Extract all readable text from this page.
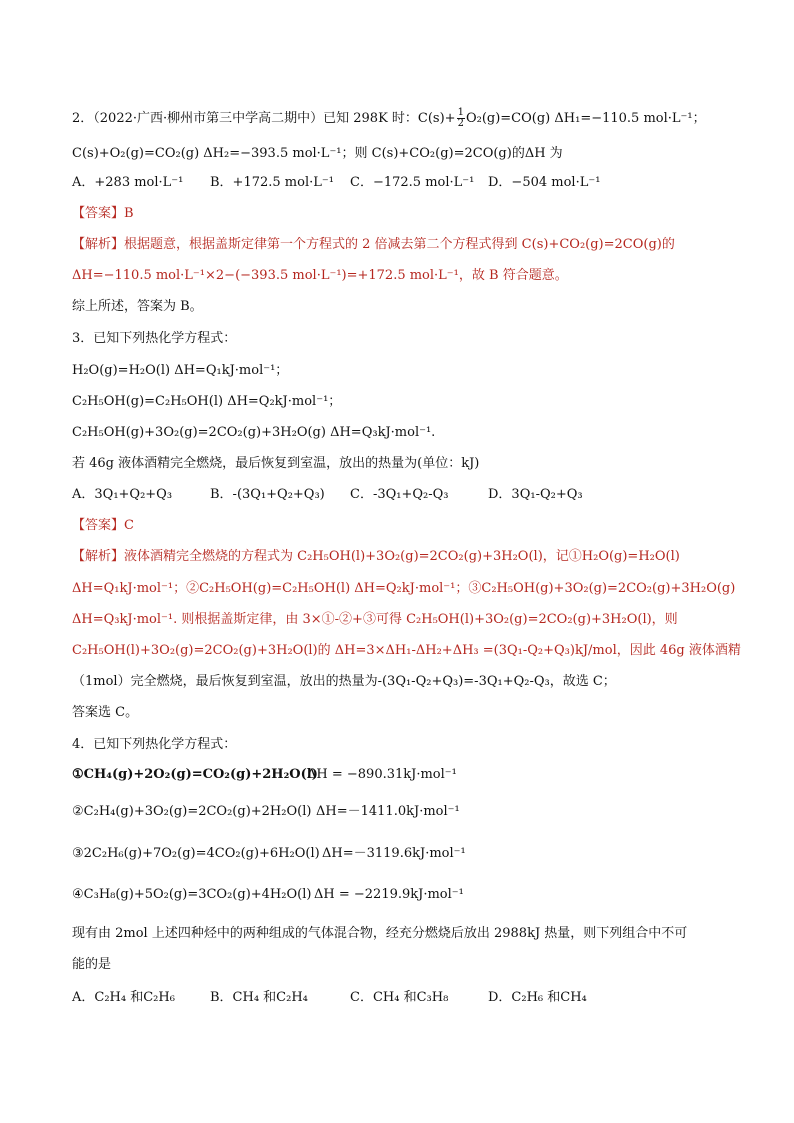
2．（2022·广西·柳州市第三中学高二期中）已知 298K 时：$C(s)+ \frac{1}{2} O_2(g)=CO(g)$ ΔH₁=−110.5 mol·L⁻¹；
C(s)+O₂(g)=CO₂(g) ΔH₂=−393.5 mol·L⁻¹；则 C(s)+CO₂(g)=2CO(g)的ΔH 为
A．+283 mol·L⁻¹ B．+172.5 mol·L⁻¹ C．−172.5 mol·L⁻¹ D．−504 mol·L⁻¹
【答案】B
【解析】根据题意，根据盖斯定律第一个方程式的 2 倍减去第二个方程式得到 C(s)+CO₂(g)=2CO(g)的
ΔH=−110.5 mol·L⁻¹×2−(−393.5 mol·L⁻¹)=+172.5 mol·L⁻¹，故 B 符合题意。
综上所述，答案为 B。
3．已知下列热化学方程式：
H₂O(g)=H₂O(l) ΔH=Q₁kJ·mol⁻¹；
C₂H₅OH(g)=C₂H₅OH(l) ΔH=Q₂kJ·mol⁻¹；
C₂H₅OH(g)+3O₂(g)=2CO₂(g)+3H₂O(g) ΔH=Q₃kJ·mol⁻¹.
若 46g 液体酒精完全燃烧，最后恢复到室温，放出的热量为(单位：kJ)
A．3Q₁+Q₂+Q₃	B．-(3Q₁+Q₂+Q₃) C．-3Q₁+Q₂-Q₃	D．3Q₁-Q₂+Q₃
【答案】C
【解析】液体酒精完全燃烧的方程式为 C₂H₅OH(l)+3O₂(g)=2CO₂(g)+3H₂O(l)，记①H₂O(g)=H₂O(l)
ΔH=Q₁kJ·mol⁻¹；②C₂H₅OH(g)=C₂H₅OH(l) ΔH=Q₂kJ·mol⁻¹；③C₂H₅OH(g)+3O₂(g)=2CO₂(g)+3H₂O(g)
ΔH=Q₃kJ·mol⁻¹. 则根据盖斯定律，由 3×①-②+③可得 C₂H₅OH(l)+3O₂(g)=2CO₂(g)+3H₂O(l)，则
C₂H₅OH(l)+3O₂(g)=2CO₂(g)+3H₂O(l)的 ΔH=3×ΔH₁-ΔH₂+ΔH₃ =(3Q₁-Q₂+Q₃)kJ/mol，因此 46g 液体酒精
（1mol）完全燃烧，最后恢复到室温，放出的热量为-(3Q₁-Q₂+Q₃)=-3Q₁+Q₂-Q₃，故选 C；
答案选 C。
4．已知下列热化学方程式：
①CH₄(g)+2O₂(g)=CO₂(g)+2H₂O(l)ΔH = −890.31kJ·mol⁻¹
②C₂H₄(g)+3O₂(g)=2CO₂(g)+2H₂O(l) ΔH=－1411.0kJ·mol⁻¹
③2C₂H₆(g)+7O₂(g)=4CO₂(g)+6H₂O(l) ΔH=－3119.6kJ·mol⁻¹
④C₃H₈(g)+5O₂(g)=3CO₂(g)+4H₂O(l) ΔH = −2219.9kJ·mol⁻¹
现有由 2mol 上述四种烃中的两种组成的气体混合物，经充分燃烧后放出 2988kJ 热量，则下列组合中不可
能的是
A．C₂H₄ 和C₂H₆	B．CH₄ 和C₂H₄	C．CH₄ 和C₃H₈	D．C₂H₆ 和CH₄
